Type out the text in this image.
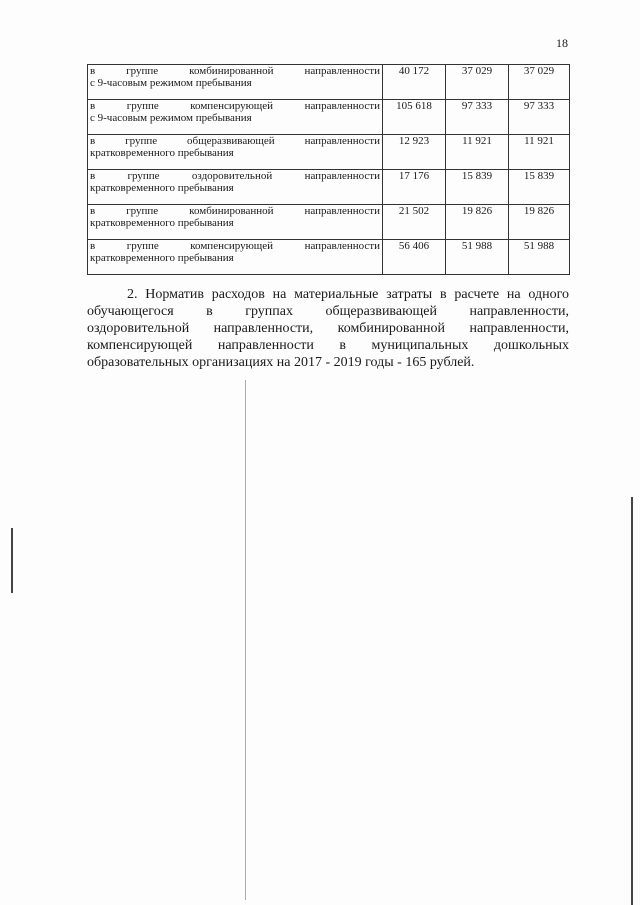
18
в группе комбинированной направленности
с 9-часовым режимом пребывания	40 172	37 029	37 029

в группе компенсирующей направленности
с 9-часовым режимом пребывания	105 618	97 333	97 333

в группе общеразвивающей направленности
кратковременного пребывания	12 923	11 921	11 921

в группе оздоровительной направленности
кратковременного пребывания	17 176	15 839	15 839

в группе комбинированной направленности
кратковременного пребывания	21 502	19 826	19 826

в группе компенсирующей направленности
кратковременного пребывания	56 406	51 988	51 988

2. Норматив расходов на материальные затраты в расчете на одного
обучающегося в группах общеразвивающей направленности,
оздоровительной направленности, комбинированной направленности,
компенсирующей направленности в муниципальных дошкольных
образовательных организациях на 2017 - 2019 годы - 165 рублей.
